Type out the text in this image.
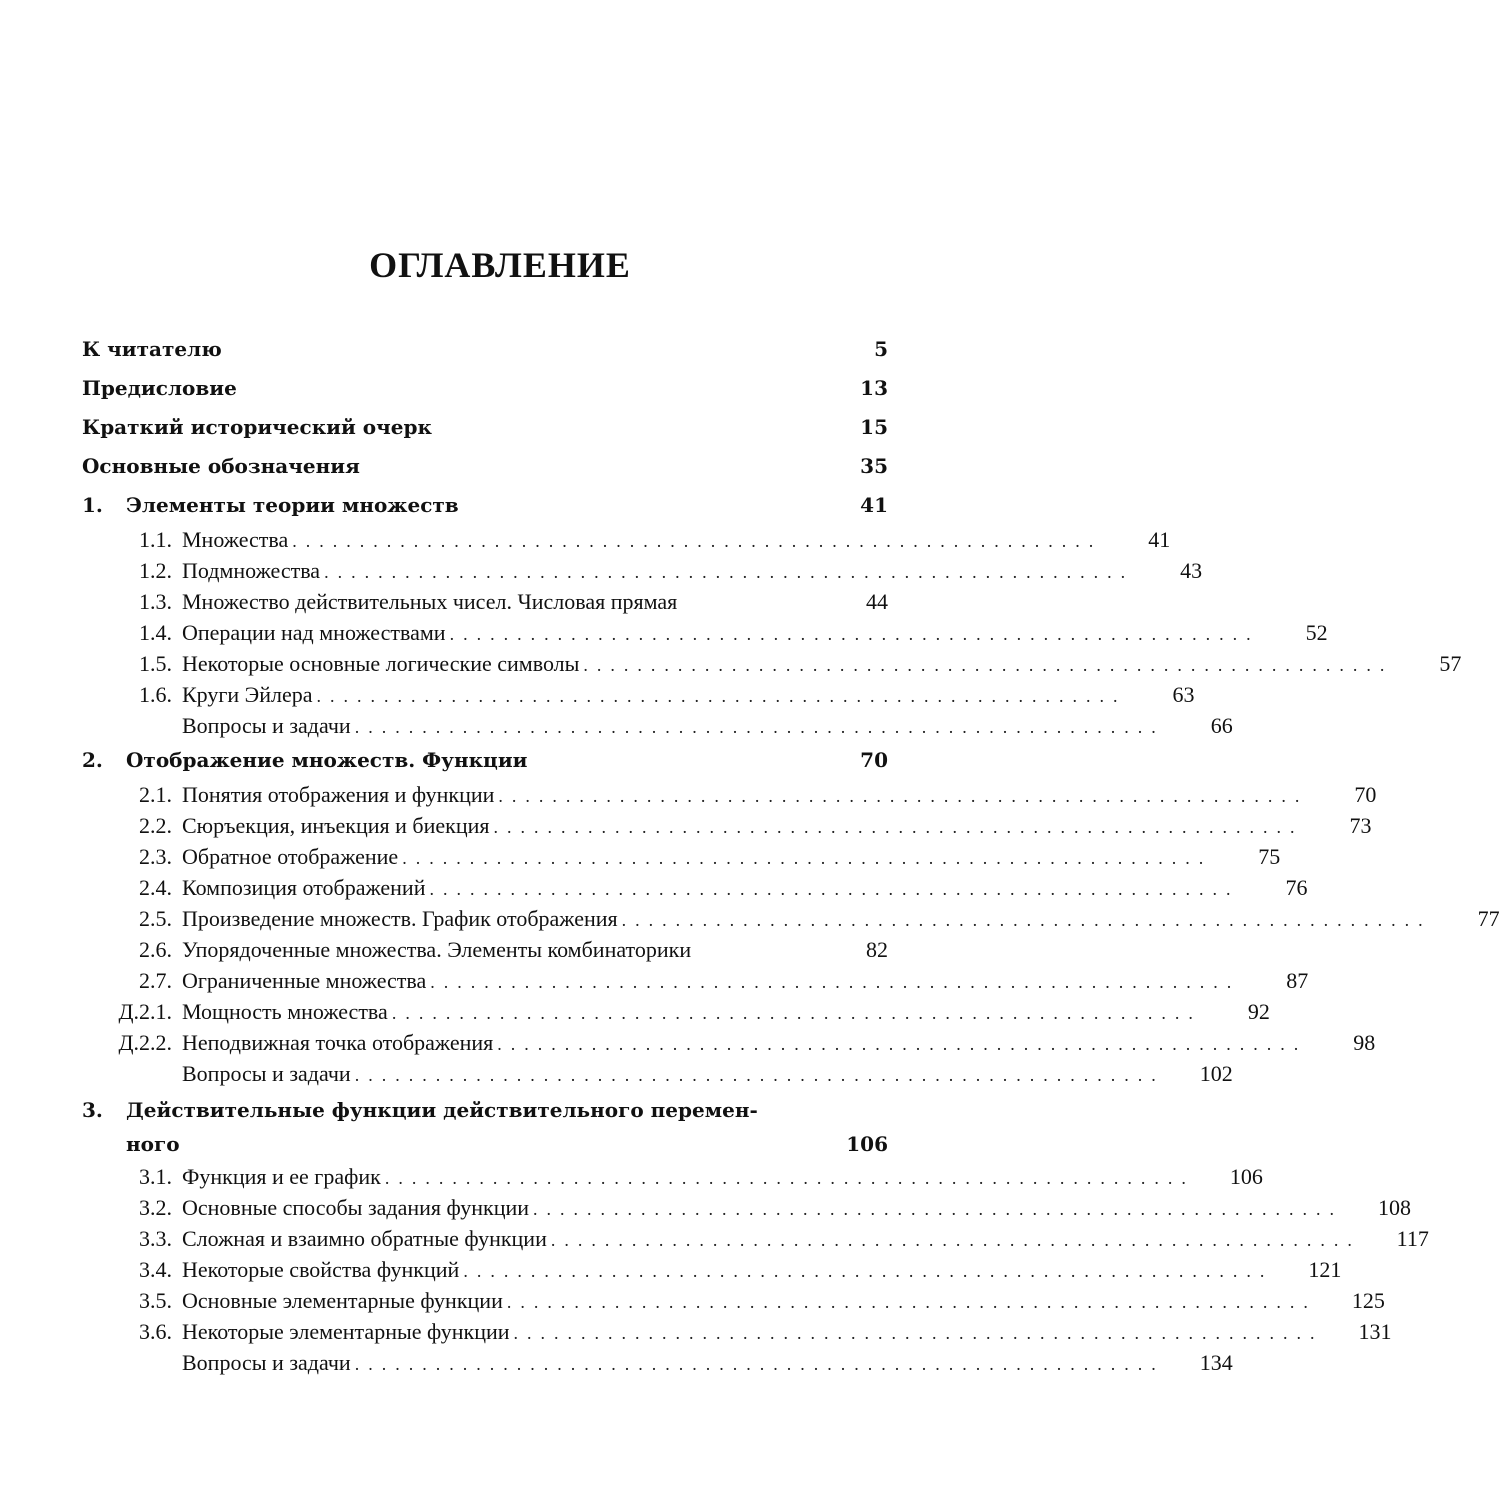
ОГЛАВЛЕНИЕ
К читателю	5
Предисловие	13
Краткий исторический очерк	15
Основные обозначения	35
1.	Элементы теории множеств	41
1.1. Множества ............................................................	41
1.2. Подмножества ............................................................	43
1.3. Множество действительных чисел. Числовая прямая	44
1.4. Операции над множествами ............................................................	52
1.5. Некоторые основные логические символы ............................................................	57
1.6. Круги Эйлера ............................................................	63
Вопросы и задачи ............................................................	66
2.	Отображение множеств. Функции	70
2.1. Понятия отображения и функции ............................................................	70
2.2. Сюръекция, инъекция и биекция ............................................................	73
2.3. Обратное отображение ............................................................	75
2.4. Композиция отображений ............................................................	76
2.5. Произведение множеств. График отображения ............................................................	77
2.6. Упорядоченные множества. Элементы комбинаторики	82
2.7. Ограниченные множества ............................................................	87
Д.2.1. Мощность множества ............................................................	92
Д.2.2. Неподвижная точка отображения ............................................................	98
Вопросы и задачи ............................................................	102
3.	Действительные функции действительного перемен-
ного	106
3.1. Функция и ее график ............................................................	106
3.2. Основные способы задания функции ............................................................	108
3.3. Сложная и взаимно обратные функции ............................................................	117
3.4. Некоторые свойства функций ............................................................	121
3.5. Основные элементарные функции ............................................................	125
3.6. Некоторые элементарные функции ............................................................	131
Вопросы и задачи ............................................................	134
